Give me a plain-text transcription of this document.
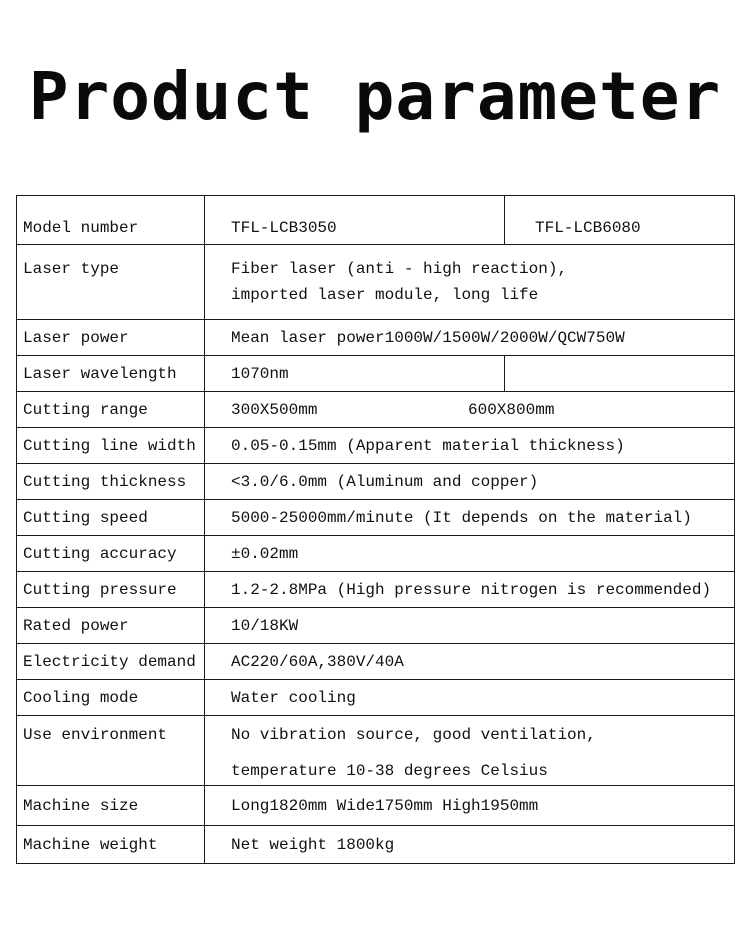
Product parameter
Model number	TFL-LCB3050	TFL-LCB6080

Laser type	Fiber laser (anti - high reaction),
imported laser module, long life	

Laser power	Mean laser power1000W/1500W/2000W/QCW750W	

Laser wavelength	1070nm	

Cutting range	300X500mm 600X800mm	

Cutting line width	0.05-0.15mm (Apparent material thickness)	

Cutting thickness	<3.0/6.0mm (Aluminum and copper)	

Cutting speed	5000-25000mm/minute (It depends on the material)	

Cutting accuracy	±0.02mm	

Cutting pressure	1.2-2.8MPa (High pressure nitrogen is recommended)	

Rated power	10/18KW	

Electricity demand	AC220/60A,380V/40A	

Cooling mode	Water cooling	

Use environment	No vibration source, good ventilation,
temperature 10-38 degrees Celsius	

Machine size	Long1820mm Wide1750mm High1950mm	

Machine weight	Net weight 1800kg	
